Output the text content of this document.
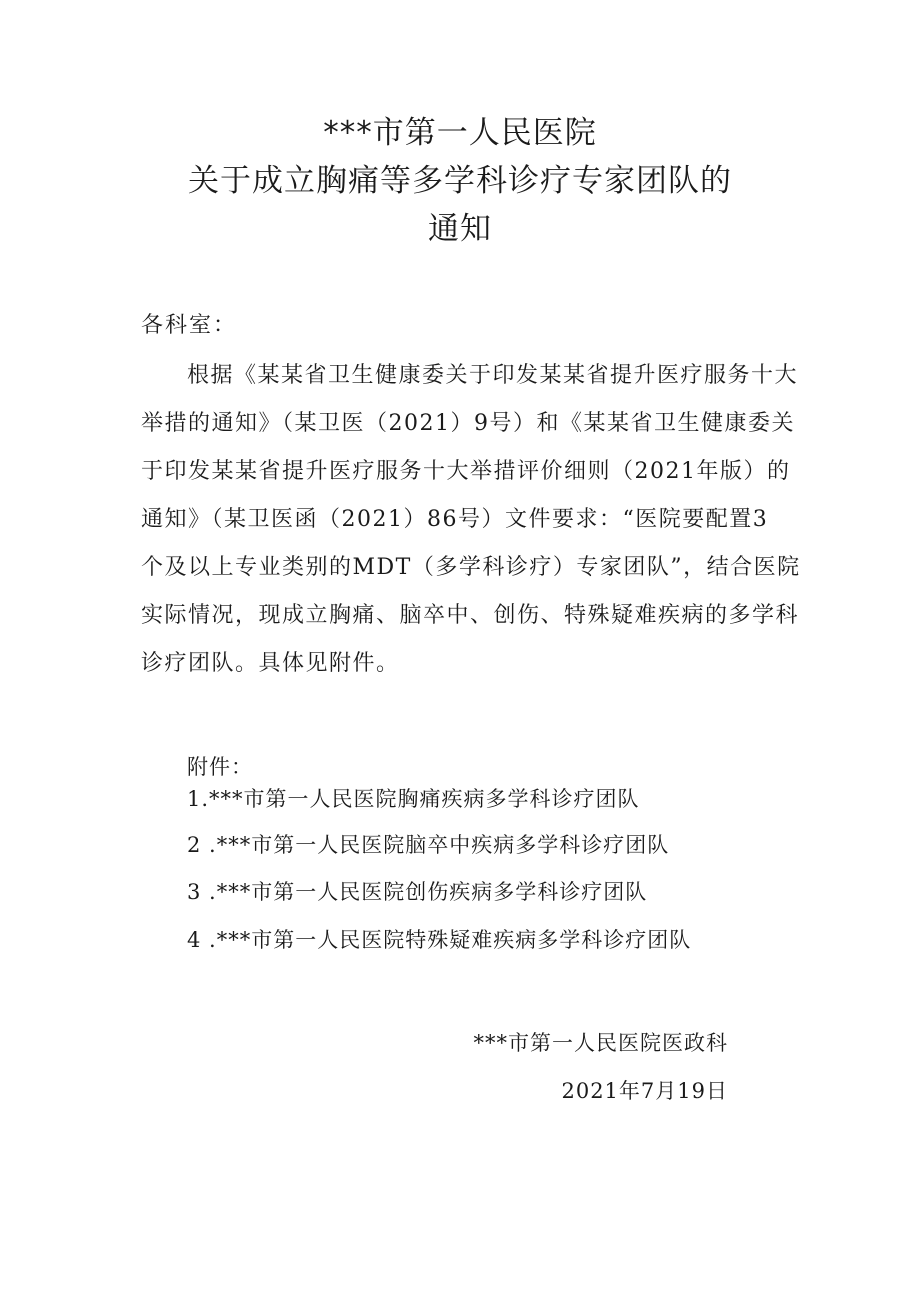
***市第一人民医院
关于成立胸痛等多学科诊疗专家团队的
通知
各科室：
根据《某某省卫生健康委关于印发某某省提升医疗服务十大
举措的通知》（某卫医（2021）9号）和《某某省卫生健康委关
于印发某某省提升医疗服务十大举措评价细则（2021年版）的
通知》（某卫医函（2021）86号）文件要求：“医院要配置3
个及以上专业类别的MDT（多学科诊疗）专家团队”，结合医院
实际情况，现成立胸痛、脑卒中、创伤、特殊疑难疾病的多学科
诊疗团队。具体见附件。
附件：
1.***市第一人民医院胸痛疾病多学科诊疗团队
2 .***市第一人民医院脑卒中疾病多学科诊疗团队
3 .***市第一人民医院创伤疾病多学科诊疗团队
4 .***市第一人民医院特殊疑难疾病多学科诊疗团队
***市第一人民医院医政科
2021年7月19日
